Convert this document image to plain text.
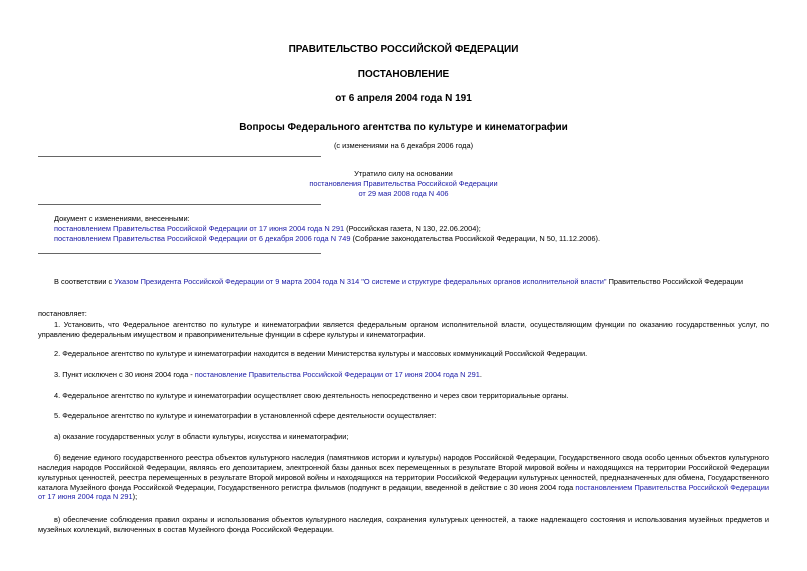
ПРАВИТЕЛЬСТВО РОССИЙСКОЙ ФЕДЕРАЦИИ
ПОСТАНОВЛЕНИЕ
от 6 апреля 2004 года N 191
Вопросы Федерального агентства по культуре и кинематографии
(с изменениями на 6 декабря 2006 года)
Утратило силу на основании
постановления Правительства Российской Федерации
от 29 мая 2008 года N 406
Документ с изменениями, внесенными:
постановлением Правительства Российской Федерации от 17 июня 2004 года N 291 (Российская газета, N 130, 22.06.2004);
постановлением Правительства Российской Федерации от 6 декабря 2006 года N 749 (Собрание законодательства Российской Федерации, N 50, 11.12.2006).
В соответствии с Указом Президента Российской Федерации от 9 марта 2004 года N 314 "О системе и структуре федеральных органов исполнительной власти" Правительство Российской Федерации
постановляет:
1. Установить, что Федеральное агентство по культуре и кинематографии является федеральным органом исполнительной власти, осуществляющим функции по оказанию государственных услуг, по управлению федеральным имуществом и правоприменительные функции в сфере культуры и кинематографии.
2. Федеральное агентство по культуре и кинематографии находится в ведении Министерства культуры и массовых коммуникаций Российской Федерации.
3. Пункт исключен с 30 июня 2004 года - постановление Правительства Российской Федерации от 17 июня 2004 года N 291.
4. Федеральное агентство по культуре и кинематографии осуществляет свою деятельность непосредственно и через свои территориальные органы.
5. Федеральное агентство по культуре и кинематографии в установленной сфере деятельности осуществляет:
а) оказание государственных услуг в области культуры, искусства и кинематографии;
б) ведение единого государственного реестра объектов культурного наследия (памятников истории и культуры) народов Российской Федерации, Государственного свода особо ценных объектов культурного наследия народов Российской Федерации, являясь его депозитарием, электронной базы данных всех перемещенных в результате Второй мировой войны и находящихся на территории Российской Федерации культурных ценностей, реестра перемещенных в результате Второй мировой войны и находящихся на территории Российской Федерации культурных ценностей, предназначенных для обмена, Государственного каталога Музейного фонда Российской Федерации, Государственного регистра фильмов (подпункт в редакции, введенной в действие с 30 июня 2004 года постановлением Правительства Российской Федерации от 17 июня 2004 года N 291);
в) обеспечение соблюдения правил охраны и использования объектов культурного наследия, сохранения культурных ценностей, а также надлежащего состояния и использования музейных предметов и музейных коллекций, включенных в состав Музейного фонда Российской Федерации.
